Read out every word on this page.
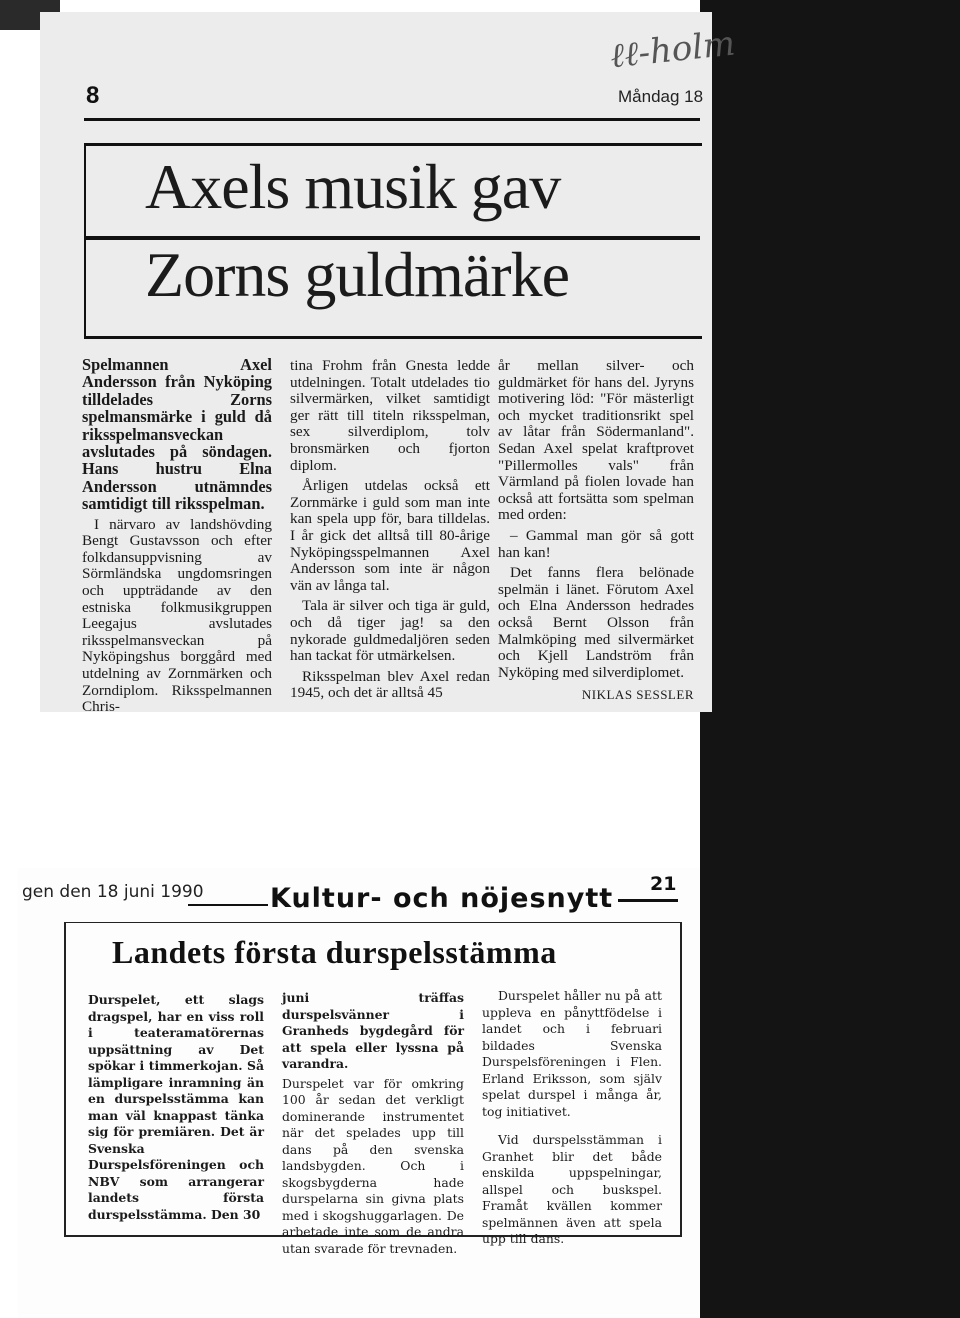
ℓℓ-holm
8	Måndag 18
Axels musik gav
Zorns guldmärke

Spelmannen Axel Andersson från Nyköping tilldelades Zorns spelmansmärke i guld då riksspelmansveckan avslutades på söndagen. Hans hustru Elna Andersson utnämndes samtidigt till riksspelman.

I närvaro av landshövding Bengt Gustavsson och efter folkdansuppvisning av Sörmländska ungdomsringen och uppträdande av den estniska folkmusikgruppen Leegajus avslutades riksspelmansveckan på Nyköpingshus borggård med utdelning av Zornmärken och Zorndiplom. Riksspelmannen Chris-

tina Frohm från Gnesta ledde utdelningen. Totalt utdelades tio silvermärken, vilket samtidigt ger rätt till titeln riksspelman, sex silverdiplom, tolv bronsmärken och fjorton diplom.

Årligen utdelas också ett Zornmärke i guld som man inte kan spela upp för, bara tilldelas. I år gick det alltså till 80-årige Nyköpingsspelmannen Axel Andersson som inte är någon vän av långa tal.

Tala är silver och tiga är guld, och då tiger jag! sa den nykorade guldmedaljören seden han tackat för utmärkelsen.

Riksspelman blev Axel redan 1945, och det är alltså 45

år mellan silver- och guldmärket för hans del. Jyryns motivering löd: "För mästerligt och mycket traditionsrikt spel av låtar från Södermanland". Sedan Axel spelat kraftprovet "Pillermolles vals" från Värmland på fiolen lovade han också att fortsätta som spelman med orden:

– Gammal man gör så gott han kan!

Det fanns flera belönade spelmän i länet. Förutom Axel och Elna Andersson hedrades också Bernt Olsson från Malmköping med silvermärket och Kjell Landström från Nyköping med silverdiplomet.

NIKLAS SESSLER
gen den 18 juni 1990 Kultur- och nöjesnytt 21
Landets första durspelsstämma

Durspelet, ett slags dragspel, har en viss roll i teateramatörernas uppsättning av Det spökar i timmerkojan. Så lämpligare inramning än en durspelsstämma kan man väl knappast tänka sig för premiären. Det är Svenska Durspelsföreningen och NBV som arrangerar landets första durspelsstämma. Den 30

juni träffas durspelsvänner i Granheds bygdegård för att spela eller lyssna på varandra.

Durspelet var för omkring 100 år sedan det verkligt dominerande instrumentet när det spelades upp till dans på den svenska landsbygden. Och i skogsbygderna hade durspelarna sin givna plats med i skogshuggarlagen. De arbetade inte som de andra utan svarade för trevnaden.

Durspelet håller nu på att uppleva en pånyttfödelse i landet och i februari bildades Svenska Durspelsföreningen i Flen. Erland Eriksson, som själv spelat durspel i många år, tog initiativet.

Vid durspelsstämman i Granhet blir det både enskilda uppspelningar, allspel och buskspel. Framåt kvällen kommer spelmännen även att spela upp till dans.
